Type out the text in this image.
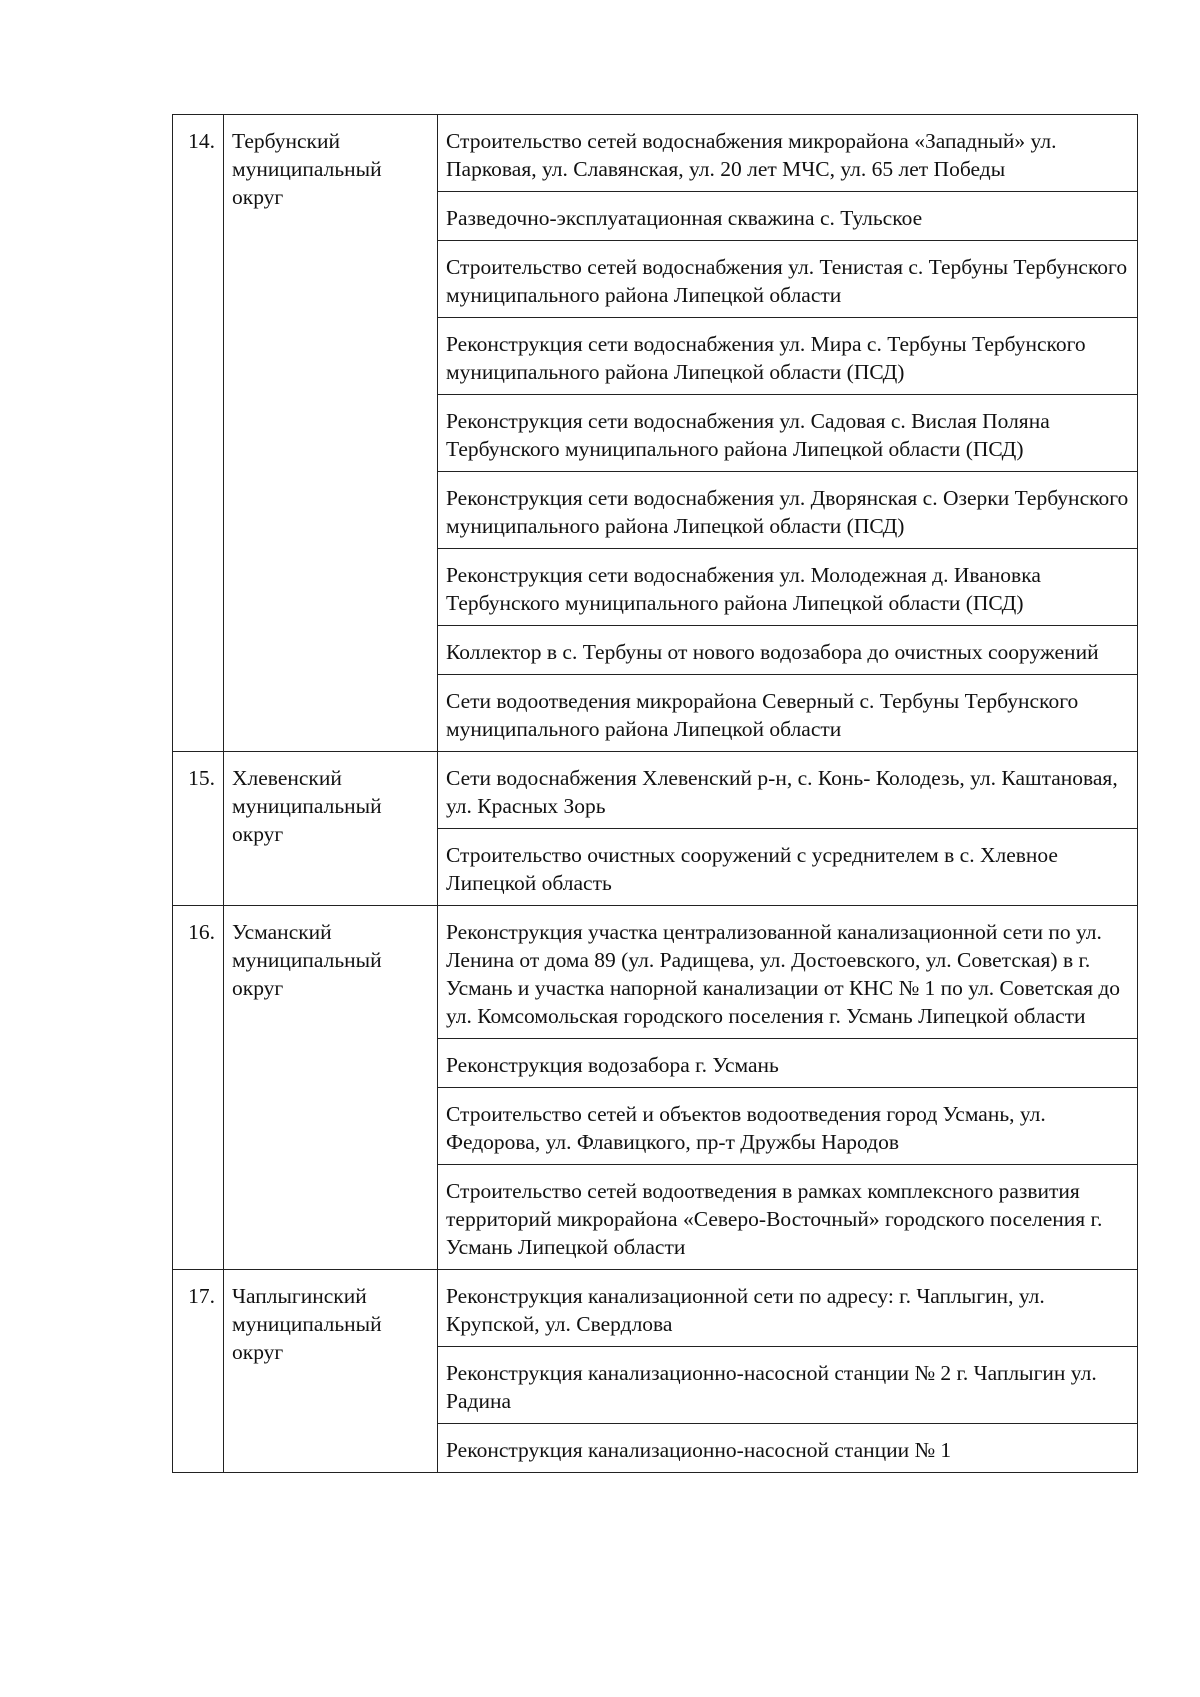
14.	Тербунский муниципальный округ	Строительство сетей водоснабжения микрорайона «Западный» ул. Парковая, ул. Славянская, ул. 20 лет МЧС, ул. 65 лет Победы

		Разведочно-эксплуатационная скважина с. Тульское

		Строительство сетей водоснабжения ул. Тенистая с. Тербуны Тербунского муниципального района Липецкой области

		Реконструкция сети водоснабжения ул. Мира с. Тербуны Тербунского муниципального района Липецкой области (ПСД)

		Реконструкция сети водоснабжения ул. Садовая с. Вислая Поляна Тербунского муниципального района Липецкой области (ПСД)

		Реконструкция сети водоснабжения ул. Дворянская с. Озерки Тербунского муниципального района Липецкой области (ПСД)

		Реконструкция сети водоснабжения ул. Молодежная д. Ивановка Тербунского муниципального района Липецкой области (ПСД)

		Коллектор в с. Тербуны от нового водозабора до очистных сооружений

		Сети водоотведения микрорайона Северный с. Тербуны Тербунского муниципального района Липецкой области

15.	Хлевенский муниципальный округ	Сети водоснабжения Хлевенский р-н, с. Конь- Колодезь, ул. Каштановая, ул. Красных Зорь

		Строительство очистных сооружений с усреднителем в с. Хлевное Липецкой область

16.	Усманский муниципальный округ	Реконструкция участка централизованной канализационной сети по ул. Ленина от дома 89 (ул. Радищева, ул. Достоевского, ул. Советская) в г. Усмань и участка напорной канализации от КНС № 1 по ул. Советская до ул. Комсомольская городского поселения г. Усмань Липецкой области

		Реконструкция водозабора г. Усмань

		Строительство сетей и объектов водоотведения город Усмань, ул. Федорова, ул. Флавицкого, пр-т Дружбы Народов

		Строительство сетей водоотведения в рамках комплексного развития территорий микрорайона «Северо-Восточный» городского поселения г. Усмань Липецкой области

17.	Чаплыгинский муниципальный округ	Реконструкция канализационной сети по адресу: г. Чаплыгин, ул. Крупской, ул. Свердлова

		Реконструкция канализационно-насосной станции № 2 г. Чаплыгин ул. Радина

		Реконструкция канализационно-насосной станции № 1
